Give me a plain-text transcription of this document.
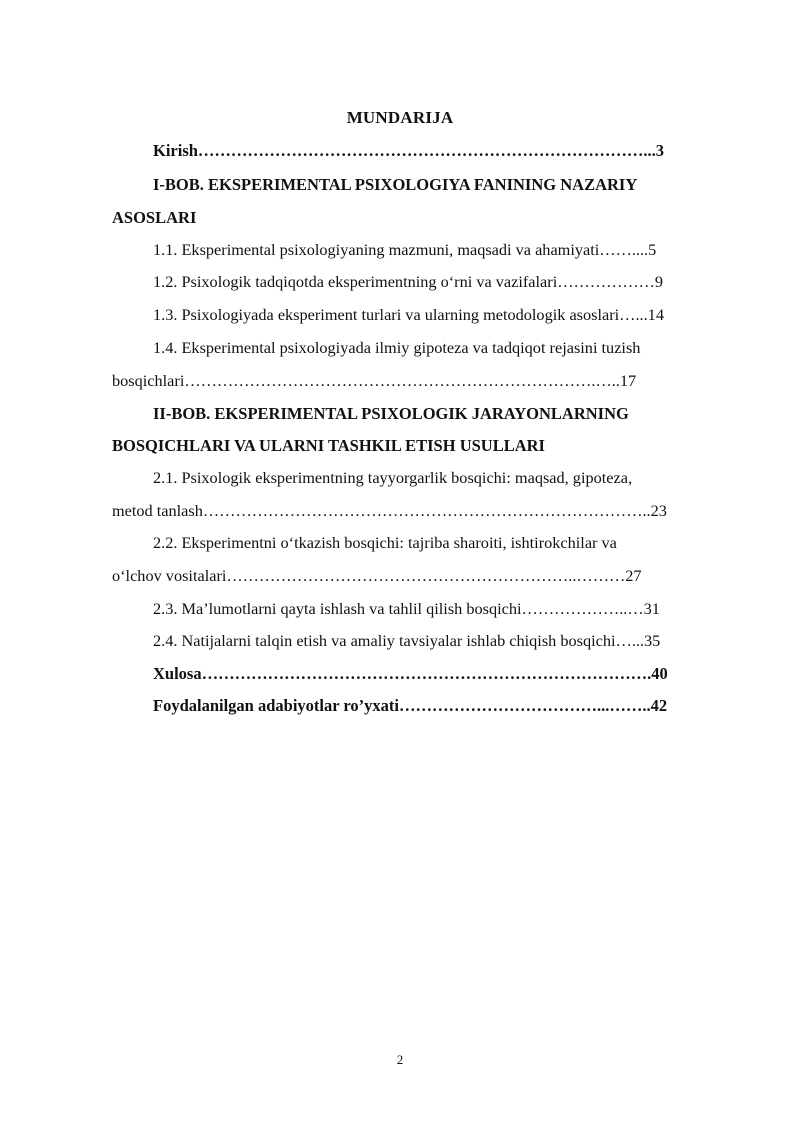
MUNDARIJA
Kirish………………………………………………………………………...3
I-BOB. EKSPERIMENTAL PSIXOLOGIYA FANINING NAZARIY
ASOSLARI
1.1. Eksperimental psixologiyaning mazmuni, maqsadi va ahamiyati……....5
1.2. Psixologik tadqiqotda eksperimentning o‘rni va vazifalari………………9
1.3. Psixologiyada eksperiment turlari va ularning metodologik asoslari…...14
1.4. Eksperimental psixologiyada ilmiy gipoteza va tadqiqot rejasini tuzish
bosqichlari………………………………………………………………….…..17
II-BOB. EKSPERIMENTAL PSIXOLOGIK JARAYONLARNING
BOSQICHLARI VA ULARNI TASHKIL ETISH USULLARI
2.1. Psixologik eksperimentning tayyorgarlik bosqichi: maqsad, gipoteza,
metod tanlash………………………………………………………………………..23
2.2. Eksperimentni o‘tkazish bosqichi: tajriba sharoiti, ishtirokchilar va
o‘lchov vositalari………………………………………………………..………27
2.3. Ma’lumotlarni qayta ishlash va tahlil qilish bosqichi………………..…31
2.4. Natijalarni talqin etish va amaliy tavsiyalar ishlab chiqish bosqichi…...35
Xulosa……………………………………………………………………….40
Foydalanilgan adabiyotlar ro’yxati………………………………...……..42
2
